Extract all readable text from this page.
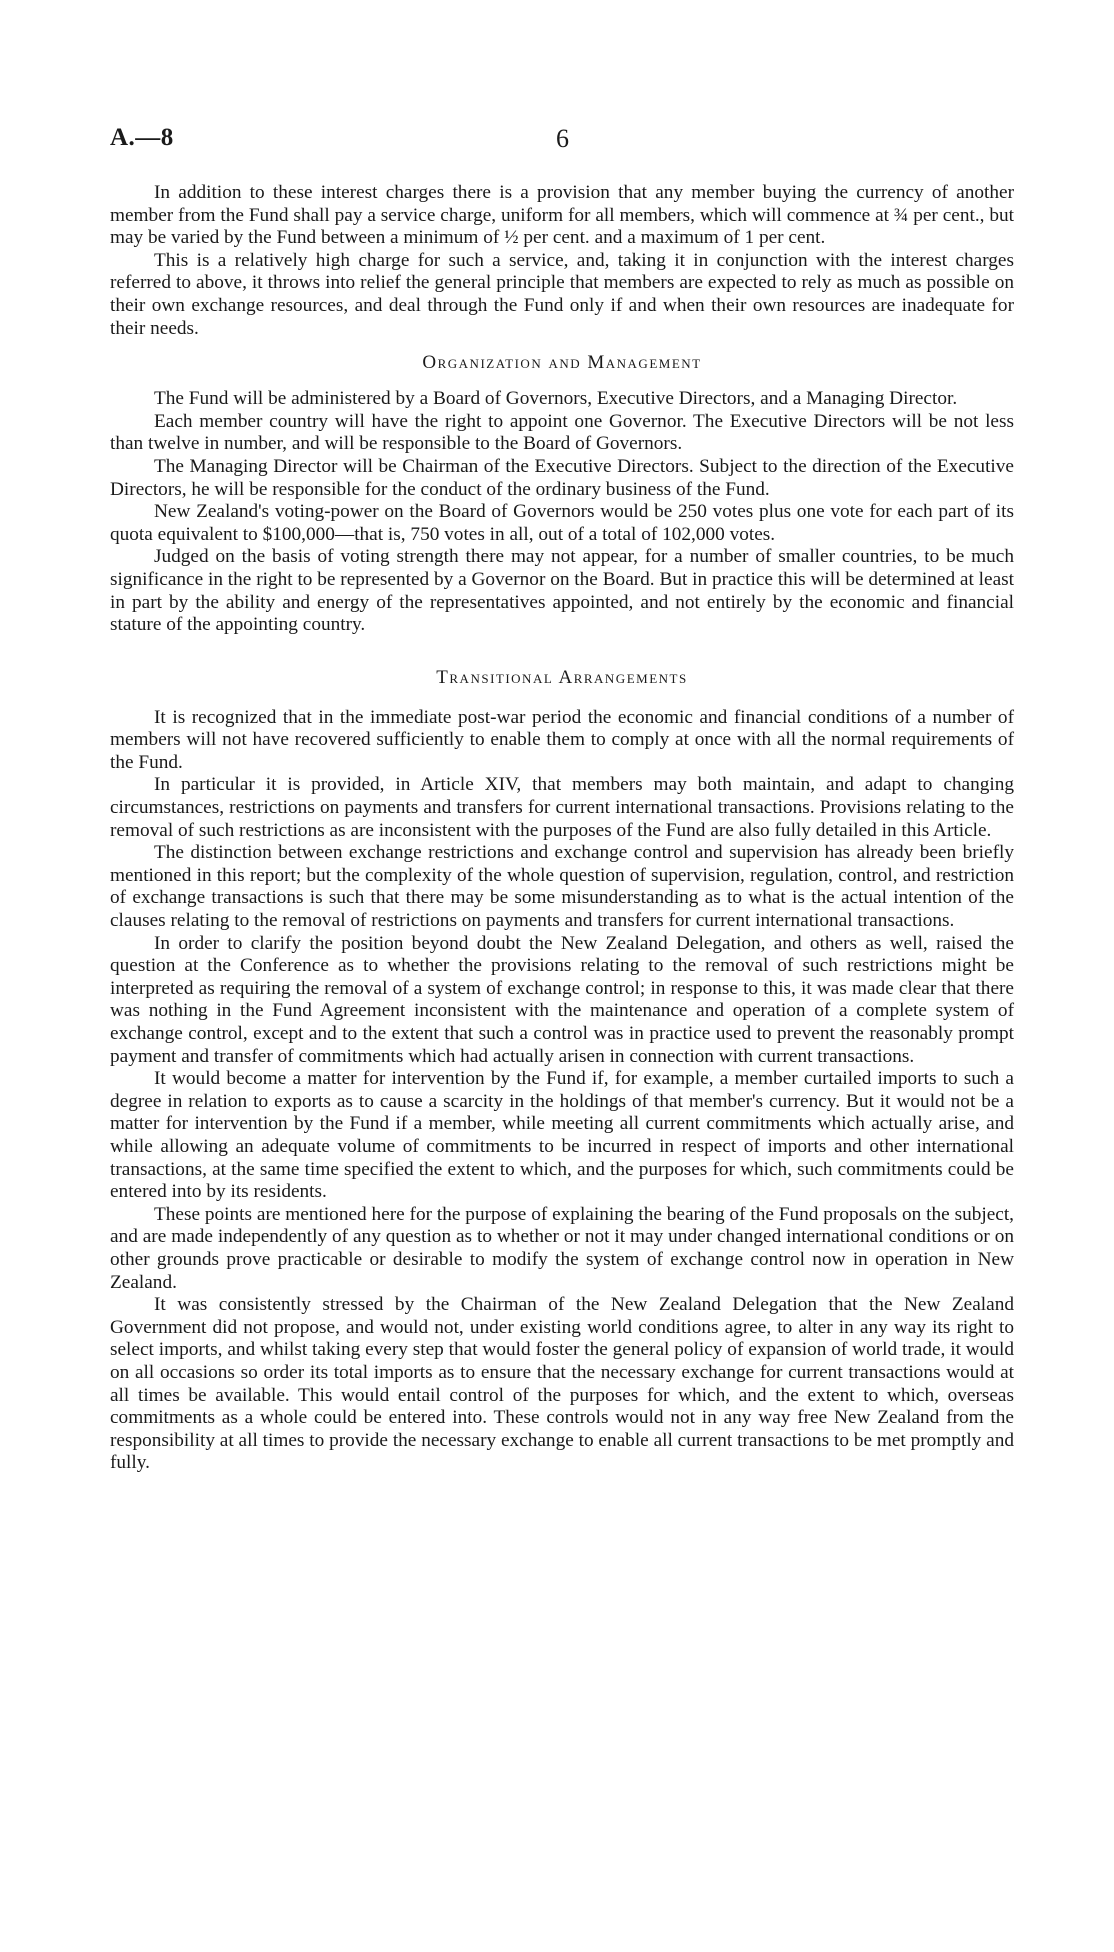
A.—8	6

In addition to these interest charges there is a provision that any member buying the currency of another member from the Fund shall pay a service charge, uniform for all members, which will commence at ¾ per cent., but may be varied by the Fund between a minimum of ½ per cent. and a maximum of 1 per cent.

This is a relatively high charge for such a service, and, taking it in conjunction with the interest charges referred to above, it throws into relief the general principle that members are expected to rely as much as possible on their own exchange resources, and deal through the Fund only if and when their own resources are inadequate for their needs.

Organization and Management

The Fund will be administered by a Board of Governors, Executive Directors, and a Managing Director.

Each member country will have the right to appoint one Governor. The Executive Directors will be not less than twelve in number, and will be responsible to the Board of Governors.

The Managing Director will be Chairman of the Executive Directors. Subject to the direction of the Executive Directors, he will be responsible for the conduct of the ordinary business of the Fund.

New Zealand's voting-power on the Board of Governors would be 250 votes plus one vote for each part of its quota equivalent to $100,000—that is, 750 votes in all, out of a total of 102,000 votes.

Judged on the basis of voting strength there may not appear, for a number of smaller countries, to be much significance in the right to be represented by a Governor on the Board. But in practice this will be determined at least in part by the ability and energy of the representatives appointed, and not entirely by the economic and financial stature of the appointing country.

Transitional Arrangements

It is recognized that in the immediate post-war period the economic and financial conditions of a number of members will not have recovered sufficiently to enable them to comply at once with all the normal requirements of the Fund.

In particular it is provided, in Article XIV, that members may both maintain, and adapt to changing circumstances, restrictions on payments and transfers for current international transactions. Provisions relating to the removal of such restrictions as are inconsistent with the purposes of the Fund are also fully detailed in this Article.

The distinction between exchange restrictions and exchange control and supervision has already been briefly mentioned in this report; but the complexity of the whole question of supervision, regulation, control, and restriction of exchange transactions is such that there may be some misunderstanding as to what is the actual intention of the clauses relating to the removal of restrictions on payments and transfers for current international transactions.

In order to clarify the position beyond doubt the New Zealand Delegation, and others as well, raised the question at the Conference as to whether the provisions relating to the removal of such restrictions might be interpreted as requiring the removal of a system of exchange control; in response to this, it was made clear that there was nothing in the Fund Agreement inconsistent with the maintenance and operation of a complete system of exchange control, except and to the extent that such a control was in practice used to prevent the reasonably prompt payment and transfer of commitments which had actually arisen in connection with current transactions.

It would become a matter for intervention by the Fund if, for example, a member curtailed imports to such a degree in relation to exports as to cause a scarcity in the holdings of that member's currency. But it would not be a matter for intervention by the Fund if a member, while meeting all current commitments which actually arise, and while allowing an adequate volume of commitments to be incurred in respect of imports and other international transactions, at the same time specified the extent to which, and the purposes for which, such commitments could be entered into by its residents.

These points are mentioned here for the purpose of explaining the bearing of the Fund proposals on the subject, and are made independently of any question as to whether or not it may under changed international conditions or on other grounds prove practicable or desirable to modify the system of exchange control now in operation in New Zealand.

It was consistently stressed by the Chairman of the New Zealand Delegation that the New Zealand Government did not propose, and would not, under existing world conditions agree, to alter in any way its right to select imports, and whilst taking every step that would foster the general policy of expansion of world trade, it would on all occasions so order its total imports as to ensure that the necessary exchange for current transactions would at all times be available. This would entail control of the purposes for which, and the extent to which, overseas commitments as a whole could be entered into. These controls would not in any way free New Zealand from the responsibility at all times to provide the necessary exchange to enable all current transactions to be met promptly and fully.
